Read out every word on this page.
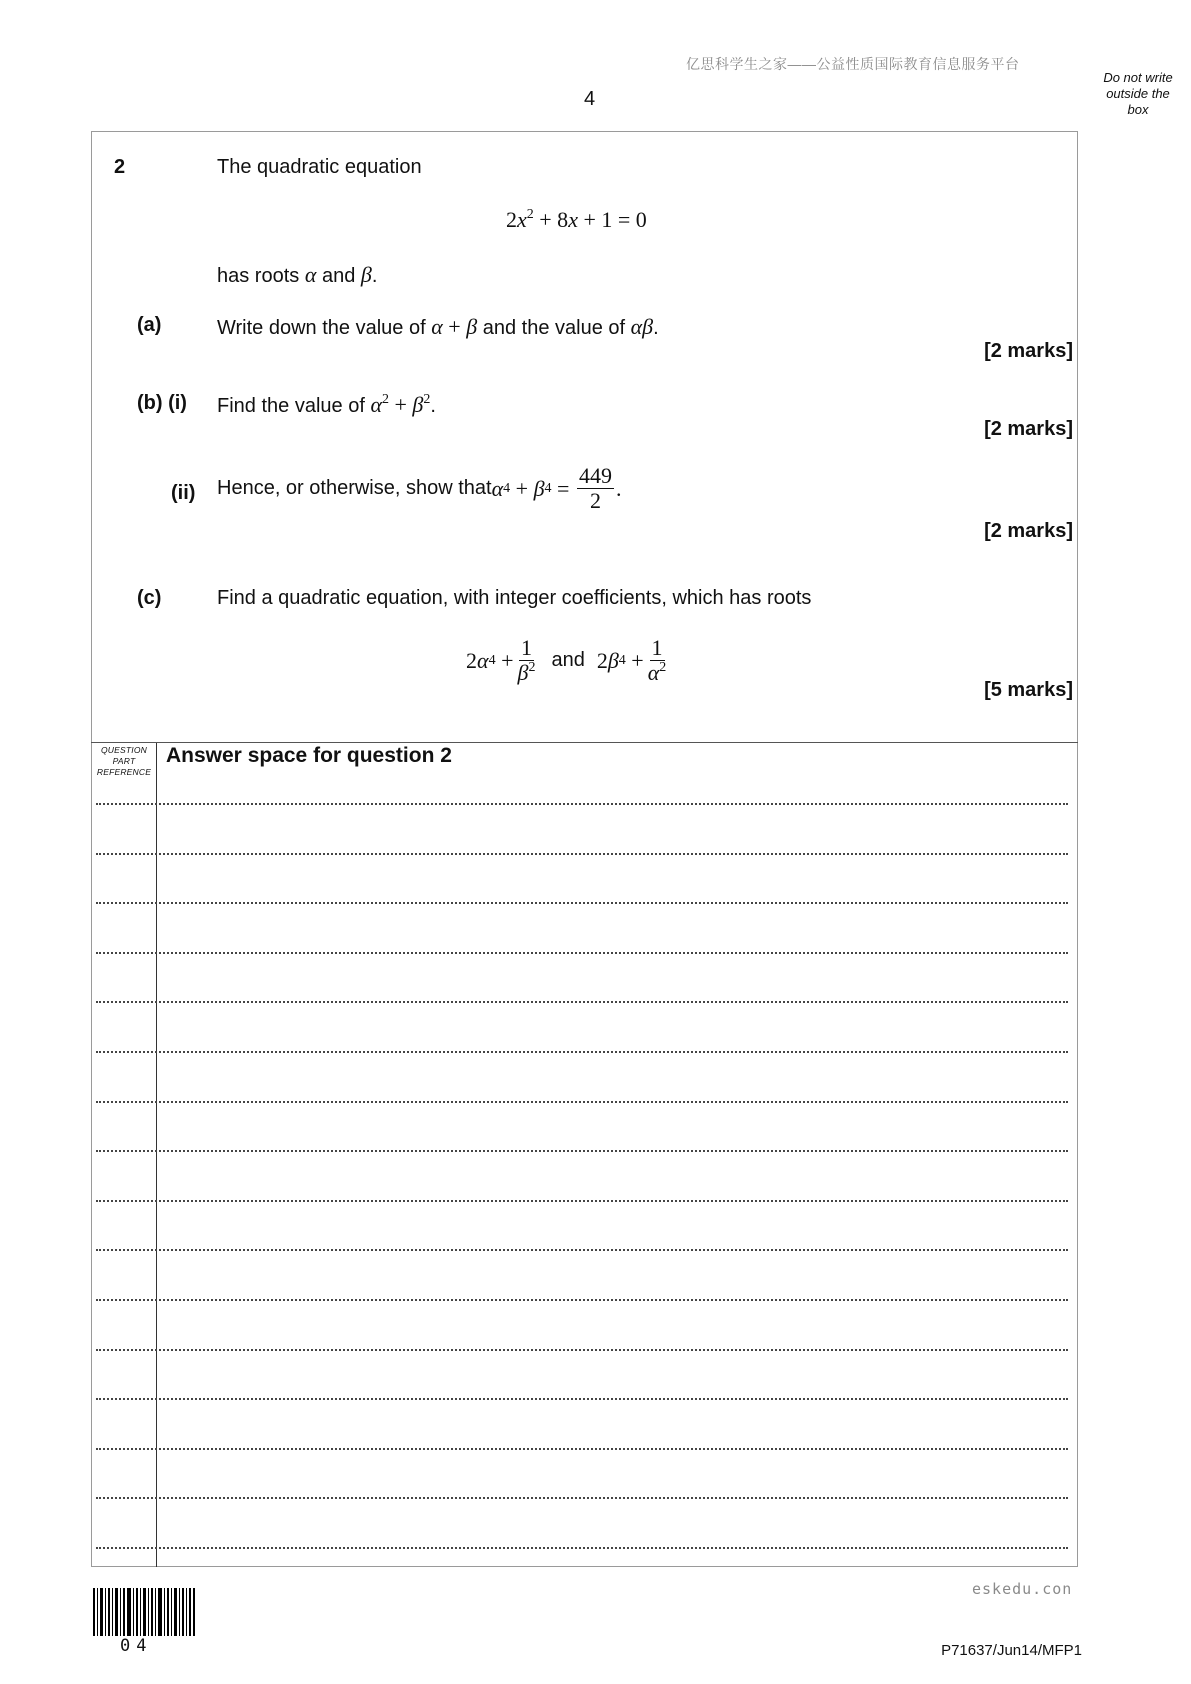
亿思科学生之家——公益性质国际教育信息服务平台
4
Do not write
outside the
box
2	The quadratic equation
$2x^2 + 8x + 1 = 0$
has roots α and β.
(a)	Write down the value of α + β and the value of αβ.
[2 marks]
(b) (i) Find the value of $\alpha^2 + \beta^2$.
[2 marks]
(ii) Hence, or otherwise, show that α 4 + β $4 = \frac{449}{2}$ .
[2 marks]
(c)	Find a quadratic equation, with integer coefficients, which has roots
2 α $4 + \frac{1}{\beta^2}$ and 2 β $4 + \frac{1}{\alpha^2}$
[5 marks]
QUESTION
PART
REFERENCE
Answer space for question 2
eskedu.con
04	P71637/Jun14/MFP1
